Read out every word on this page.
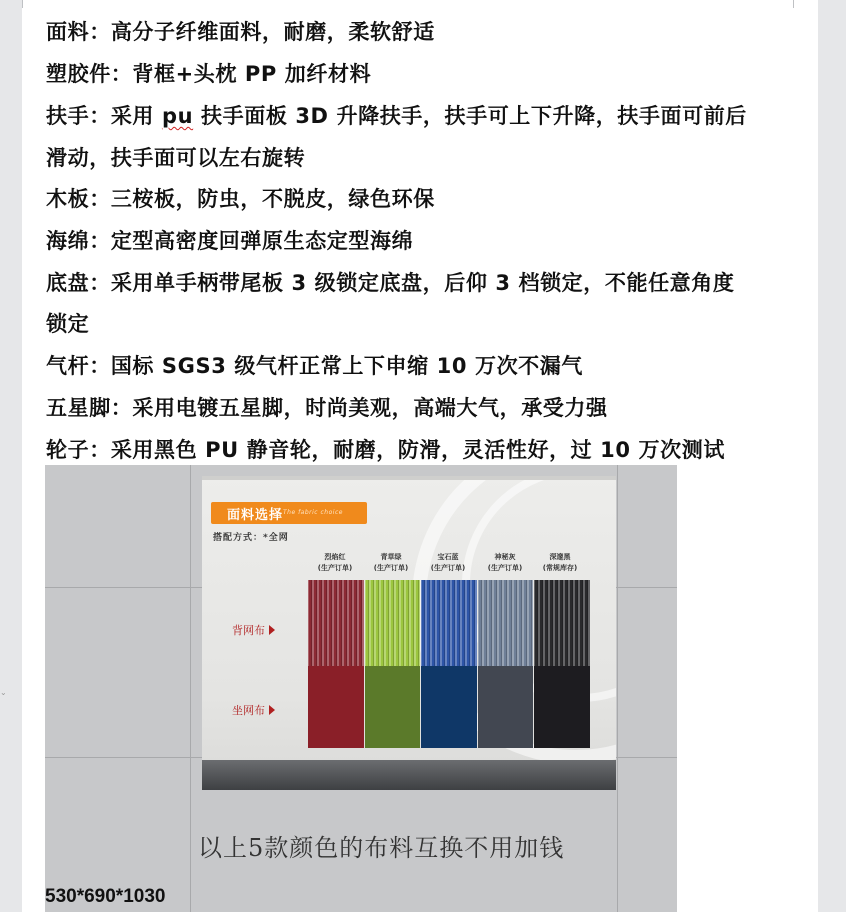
⌄
面料：高分子纤维面料，耐磨，柔软舒适
塑胶件：背框+头枕 PP 加纤材料
扶手：采用 pu 扶手面板 3D 升降扶手，扶手可上下升降，扶手面可前后
滑动，扶手面可以左右旋转
木板：三桉板，防虫，不脱皮，绿色环保
海绵：定型高密度回弹原生态定型海绵
底盘：采用单手柄带尾板 3 级锁定底盘，后仰 3 档锁定，不能任意角度
锁定
气杆：国标 SGS3 级气杆正常上下申缩 10 万次不漏气
五星脚：采用电镀五星脚，时尚美观，高端大气，承受力强
轮子：采用黑色 PU 静音轮，耐磨，防滑，灵活性好，过 10 万次测试
面料选择 The fabric choice
搭配方式：*全网
烈焰红
(生产订单)
青草绿
(生产订单)
宝石蓝
(生产订单)
神秘灰
(生产订单)
深邃黑
(常规库存)
背网布
坐网布
以上5款颜色的布料互换不用加钱
530*690*1030
